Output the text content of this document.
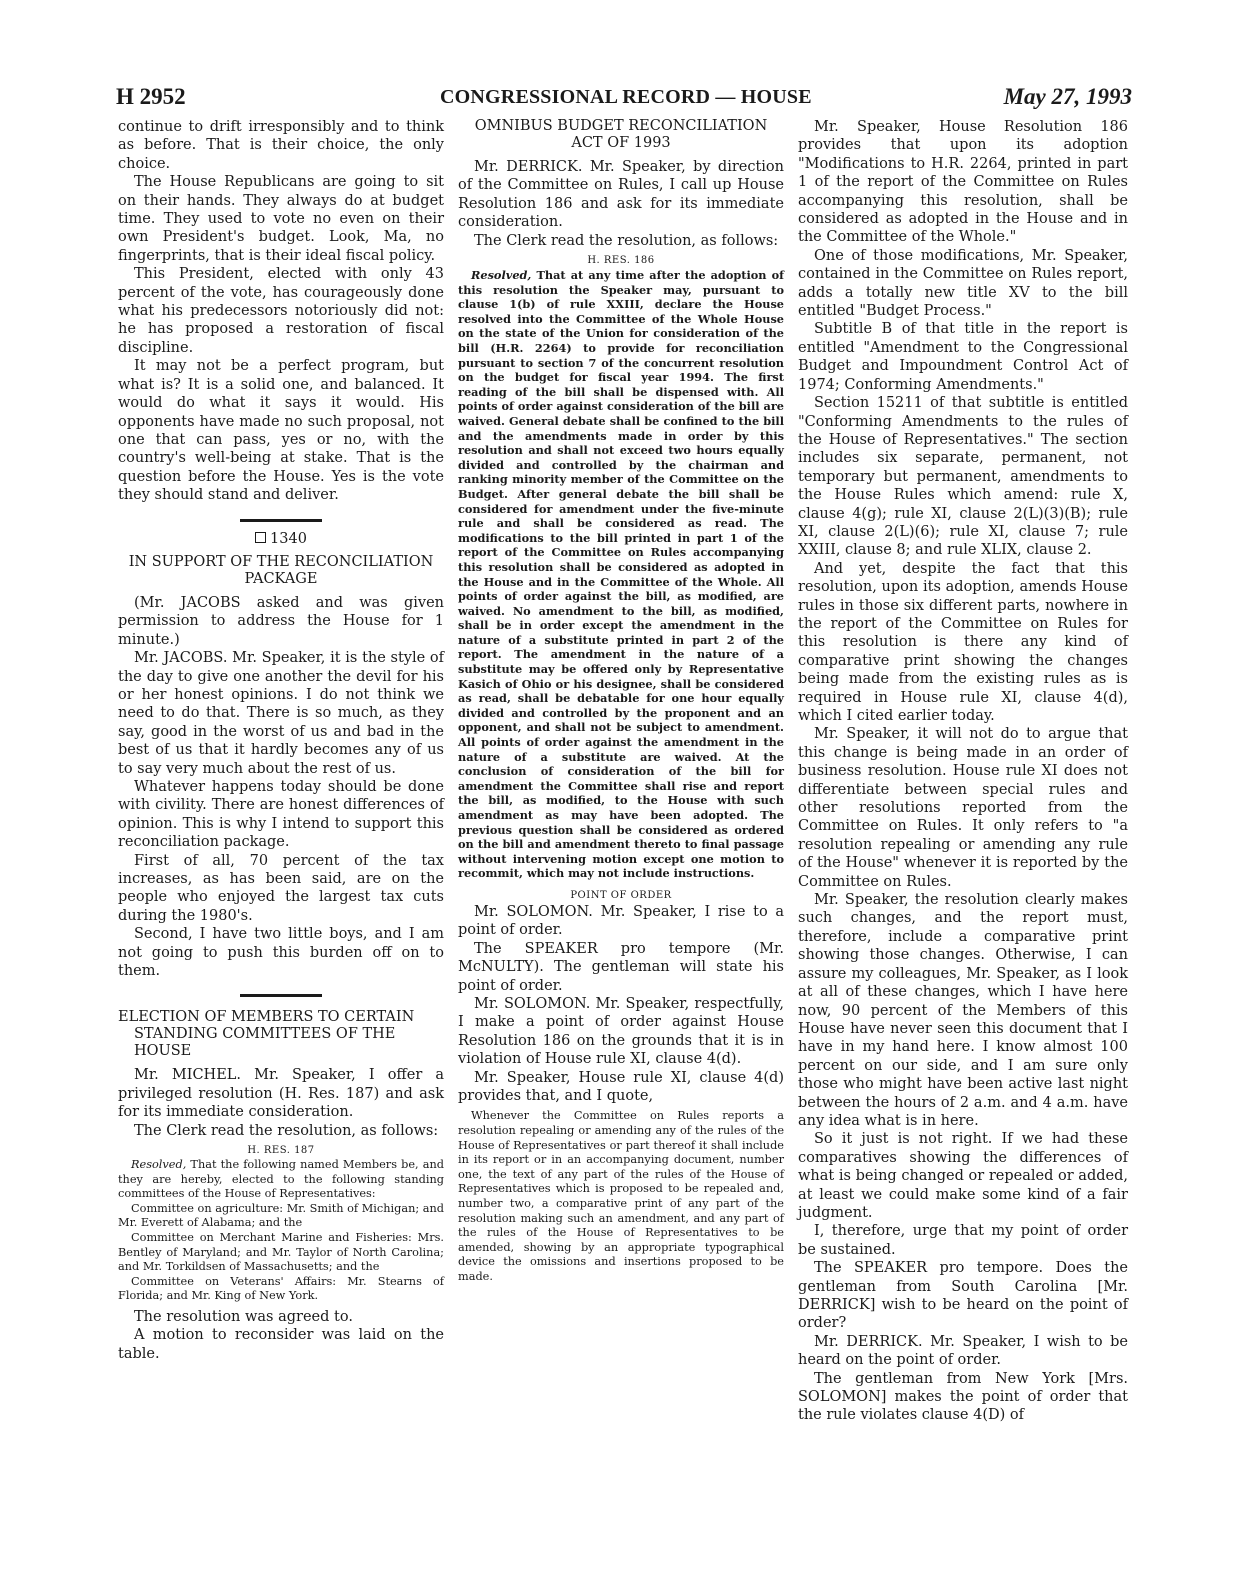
H 2952	CONGRESSIONAL RECORD — HOUSE	May 27, 1993

continue to drift irresponsibly and to think as before. That is their choice, the only choice.

The House Republicans are going to sit on their hands. They always do at budget time. They used to vote no even on their own President's budget. Look, Ma, no fingerprints, that is their ideal fiscal policy.

This President, elected with only 43 percent of the vote, has courageously done what his predecessors notoriously did not: he has proposed a restoration of fiscal discipline.

It may not be a perfect program, but what is? It is a solid one, and balanced. It would do what it says it would. His opponents have made no such proposal, not one that can pass, yes or no, with the country's well-being at stake. That is the question before the House. Yes is the vote they should stand and deliver.

1340

IN SUPPORT OF THE RECONCILIATION PACKAGE

(Mr. JACOBS asked and was given permission to address the House for 1 minute.)

Mr. JACOBS. Mr. Speaker, it is the style of the day to give one another the devil for his or her honest opinions. I do not think we need to do that. There is so much, as they say, good in the worst of us and bad in the best of us that it hardly becomes any of us to say very much about the rest of us.

Whatever happens today should be done with civility. There are honest differences of opinion. This is why I intend to support this reconciliation package.

First of all, 70 percent of the tax increases, as has been said, are on the people who enjoyed the largest tax cuts during the 1980's.

Second, I have two little boys, and I am not going to push this burden off on to them.

ELECTION OF MEMBERS TO CERTAIN STANDING COMMITTEES OF THE HOUSE

Mr. MICHEL. Mr. Speaker, I offer a privileged resolution (H. Res. 187) and ask for its immediate consideration.

The Clerk read the resolution, as follows:

H. RES. 187

Resolved, That the following named Members be, and they are hereby, elected to the following standing committees of the House of Representatives:

Committee on agriculture: Mr. Smith of Michigan; and Mr. Everett of Alabama; and the

Committee on Merchant Marine and Fisheries: Mrs. Bentley of Maryland; and Mr. Taylor of North Carolina; and Mr. Torkildsen of Massachusetts; and the

Committee on Veterans' Affairs: Mr. Stearns of Florida; and Mr. King of New York.

The resolution was agreed to.

A motion to reconsider was laid on the table.

OMNIBUS BUDGET RECONCILIATION ACT OF 1993

Mr. DERRICK. Mr. Speaker, by direction of the Committee on Rules, I call up House Resolution 186 and ask for its immediate consideration.

The Clerk read the resolution, as follows:

H. RES. 186

Resolved, That at any time after the adoption of this resolution the Speaker may, pursuant to clause 1(b) of rule XXIII, declare the House resolved into the Committee of the Whole House on the state of the Union for consideration of the bill (H.R. 2264) to provide for reconciliation pursuant to section 7 of the concurrent resolution on the budget for fiscal year 1994. The first reading of the bill shall be dispensed with. All points of order against consideration of the bill are waived. General debate shall be confined to the bill and the amendments made in order by this resolution and shall not exceed two hours equally divided and controlled by the chairman and ranking minority member of the Committee on the Budget. After general debate the bill shall be considered for amendment under the five-minute rule and shall be considered as read. The modifications to the bill printed in part 1 of the report of the Committee on Rules accompanying this resolution shall be considered as adopted in the House and in the Committee of the Whole. All points of order against the bill, as modified, are waived. No amendment to the bill, as modified, shall be in order except the amendment in the nature of a substitute printed in part 2 of the report. The amendment in the nature of a substitute may be offered only by Representative Kasich of Ohio or his designee, shall be considered as read, shall be debatable for one hour equally divided and controlled by the proponent and an opponent, and shall not be subject to amendment. All points of order against the amendment in the nature of a substitute are waived. At the conclusion of consideration of the bill for amendment the Committee shall rise and report the bill, as modified, to the House with such amendment as may have been adopted. The previous question shall be considered as ordered on the bill and amendment thereto to final passage without intervening motion except one motion to recommit, which may not include instructions.

POINT OF ORDER

Mr. SOLOMON. Mr. Speaker, I rise to a point of order.

The SPEAKER pro tempore (Mr. McNULTY). The gentleman will state his point of order.

Mr. SOLOMON. Mr. Speaker, respectfully, I make a point of order against House Resolution 186 on the grounds that it is in violation of House rule XI, clause 4(d).

Mr. Speaker, House rule XI, clause 4(d) provides that, and I quote,

Whenever the Committee on Rules reports a resolution repealing or amending any of the rules of the House of Representatives or part thereof it shall include in its report or in an accompanying document, number one, the text of any part of the rules of the House of Representatives which is proposed to be repealed and, number two, a comparative print of any part of the resolution making such an amendment, and any part of the rules of the House of Representatives to be amended, showing by an appropriate typographical device the omissions and insertions proposed to be made.

Mr. Speaker, House Resolution 186 provides that upon its adoption "Modifications to H.R. 2264, printed in part 1 of the report of the Committee on Rules accompanying this resolution, shall be considered as adopted in the House and in the Committee of the Whole."

One of those modifications, Mr. Speaker, contained in the Committee on Rules report, adds a totally new title XV to the bill entitled "Budget Process."

Subtitle B of that title in the report is entitled "Amendment to the Congressional Budget and Impoundment Control Act of 1974; Conforming Amendments."

Section 15211 of that subtitle is entitled "Conforming Amendments to the rules of the House of Representatives." The section includes six separate, permanent, not temporary but permanent, amendments to the House Rules which amend: rule X, clause 4(g); rule XI, clause 2(L)(3)(B); rule XI, clause 2(L)(6); rule XI, clause 7; rule XXIII, clause 8; and rule XLIX, clause 2.

And yet, despite the fact that this resolution, upon its adoption, amends House rules in those six different parts, nowhere in the report of the Committee on Rules for this resolution is there any kind of comparative print showing the changes being made from the existing rules as is required in House rule XI, clause 4(d), which I cited earlier today.

Mr. Speaker, it will not do to argue that this change is being made in an order of business resolution. House rule XI does not differentiate between special rules and other resolutions reported from the Committee on Rules. It only refers to "a resolution repealing or amending any rule of the House" whenever it is reported by the Committee on Rules.

Mr. Speaker, the resolution clearly makes such changes, and the report must, therefore, include a comparative print showing those changes. Otherwise, I can assure my colleagues, Mr. Speaker, as I look at all of these changes, which I have here now, 90 percent of the Members of this House have never seen this document that I have in my hand here. I know almost 100 percent on our side, and I am sure only those who might have been active last night between the hours of 2 a.m. and 4 a.m. have any idea what is in here.

So it just is not right. If we had these comparatives showing the differences of what is being changed or repealed or added, at least we could make some kind of a fair judgment.

I, therefore, urge that my point of order be sustained.

The SPEAKER pro tempore. Does the gentleman from South Carolina [Mr. DERRICK] wish to be heard on the point of order?

Mr. DERRICK. Mr. Speaker, I wish to be heard on the point of order.

The gentleman from New York [Mrs. SOLOMON] makes the point of order that the rule violates clause 4(D) of
